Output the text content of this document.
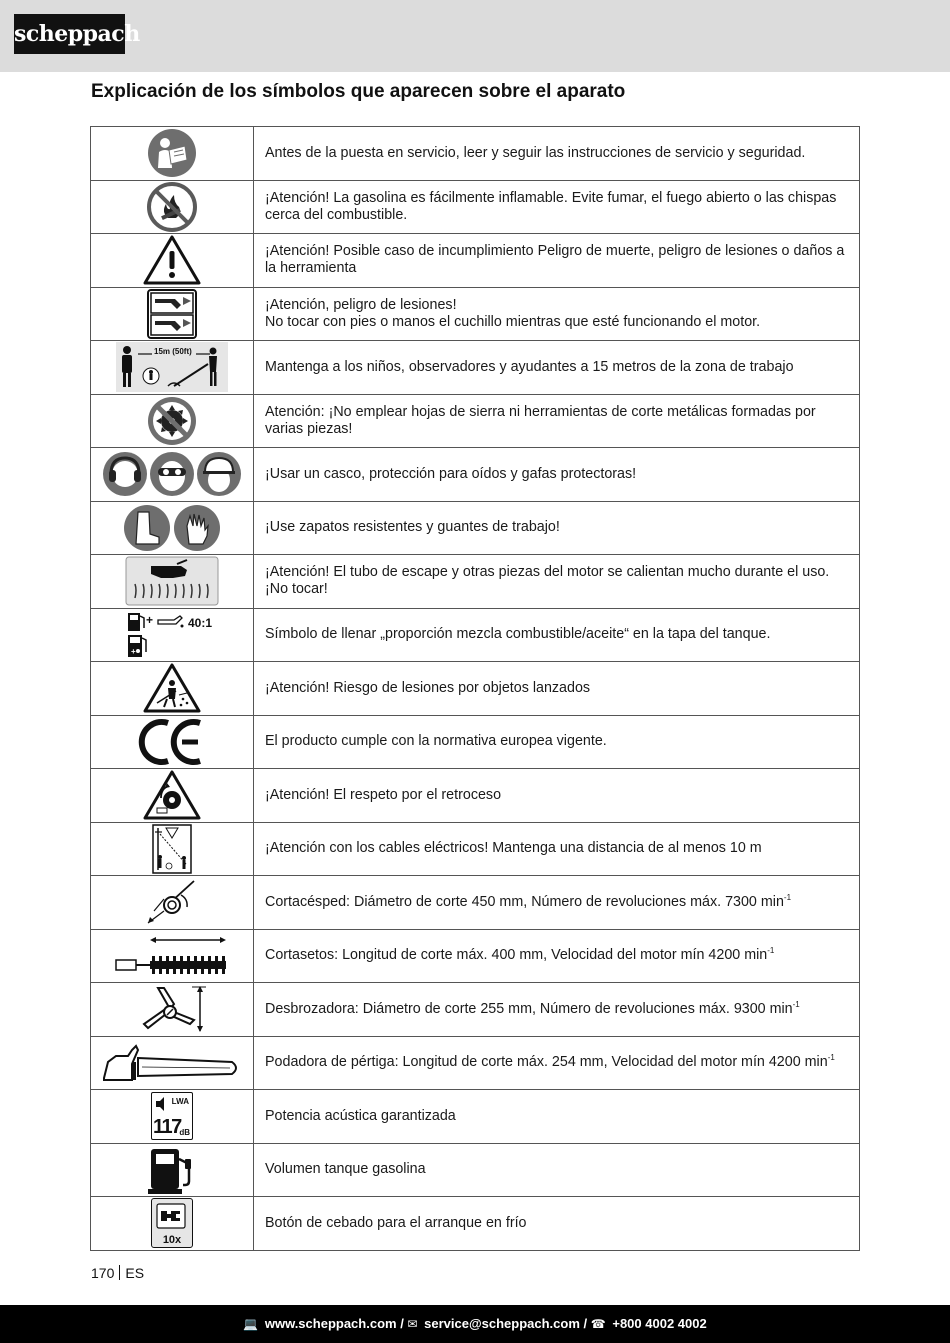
scheppach
Explicación de los símbolos que aparecen sobre el aparato
	Antes de la puesta en servicio, leer y seguir las instrucciones de servicio y seguridad.

	¡Atención! La gasolina es fácilmente inflamable. Evite fumar, el fuego abierto o las chispas cerca del combustible.

	¡Atención! Posible caso de incumplimiento Peligro de muerte, peligro de lesiones o daños a la herramienta

	¡Atención, peligro de lesiones!
No tocar con pies o manos el cuchillo mientras que esté funcionando el motor.

15m (50ft)	Mantenga a los niños, observadores y ayudantes a 15 metros de la zona de trabajo

	Atención: ¡No emplear hojas de sierra ni herramientas de corte metálicas formadas por varias piezas!

	¡Usar un casco, protección para oídos y gafas protectoras!

	¡Use zapatos resistentes y guantes de trabajo!

	¡Atención! El tubo de escape y otras piezas del motor se calientan mucho durante el uso. ¡No tocar!

+
+
40:1	Símbolo de llenar „proporción mezcla combustible/aceite“ en la tapa del tanque.

	¡Atención! Riesgo de lesiones por objetos lanzados

	El producto cumple con la normativa europea vigente.

	¡Atención! El respeto por el retroceso

	¡Atención con los cables eléctricos! Mantenga una distancia de al menos 10 m

	Cortacésped: Diámetro de corte 450 mm, Número de revoluciones máx. 7300 $\min^{-1}$

	Cortasetos: Longitud de corte máx. 400 mm, Velocidad del motor mín 4200 $\min^{-1}$

	Desbrozadora: Diámetro de corte 255 mm, Número de revoluciones máx. 9300 $\min^{-1}$

	Podadora de pértiga: Longitud de corte máx. 254 mm, Velocidad del motor mín 4200 $\min^{-1}$

LWA
117
dB	Potencia acústica garantizada

	Volumen tanque gasolina

10x	Botón de cebado para el arranque en frío
170 ES
💻 www.scheppach.com / ✉ service@scheppach.com / ☎ +800 4002 4002
